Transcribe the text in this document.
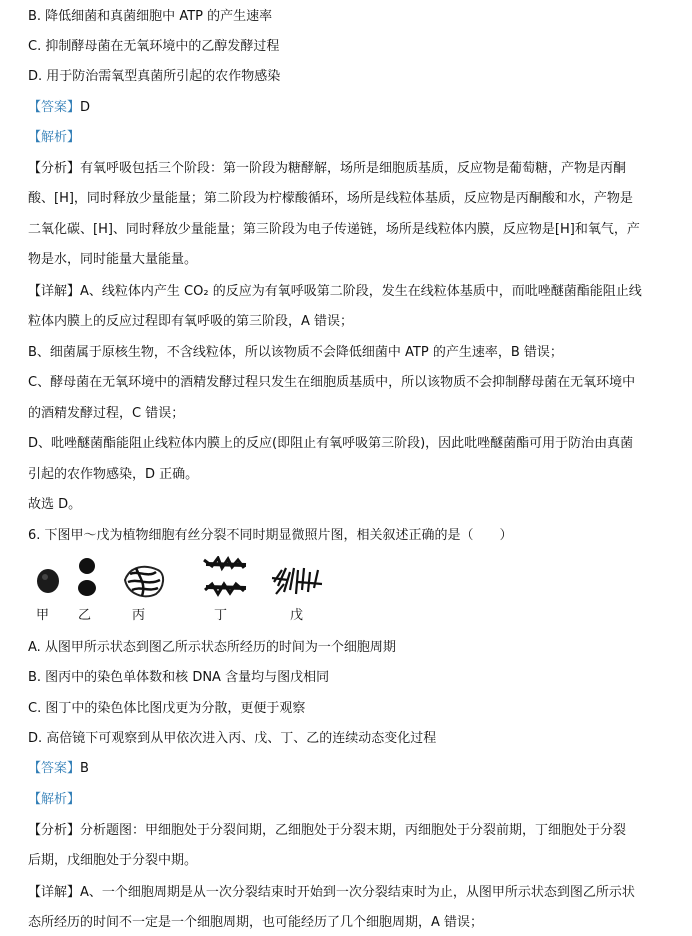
B. 降低细菌和真菌细胞中 ATP 的产生速率
C. 抑制酵母菌在无氧环境中的乙醇发酵过程
D. 用于防治需氧型真菌所引起的农作物感染
【答案】D
【解析】
【分析】有氧呼吸包括三个阶段：第一阶段为糖酵解，场所是细胞质基质，反应物是葡萄糖，产物是丙酮
酸、[H]，同时释放少量能量；第二阶段为柠檬酸循环，场所是线粒体基质，反应物是丙酮酸和水，产物是
二氧化碳、[H]、同时释放少量能量；第三阶段为电子传递链，场所是线粒体内膜，反应物是[H]和氧气，产
物是水，同时能量大量能量。
【详解】A、线粒体内产生 CO₂ 的反应为有氧呼吸第二阶段，发生在线粒体基质中，而吡唑醚菌酯能阻止线
粒体内膜上的反应过程即有氧呼吸的第三阶段，A 错误；
B、细菌属于原核生物，不含线粒体，所以该物质不会降低细菌中 ATP 的产生速率，B 错误；
C、酵母菌在无氧环境中的酒精发酵过程只发生在细胞质基质中，所以该物质不会抑制酵母菌在无氧环境中
的酒精发酵过程，C 错误；
D、吡唑醚菌酯能阻止线粒体内膜上的反应(即阻止有氧呼吸第三阶段)，因此吡唑醚菌酯可用于防治由真菌
引起的农作物感染，D 正确。
故选 D。
6. 下图甲～戊为植物细胞有丝分裂不同时期显微照片图，相关叙述正确的是（　　）
甲 乙	丙	丁	戊
A. 从图甲所示状态到图乙所示状态所经历的时间为一个细胞周期
B. 图丙中的染色单体数和核 DNA 含量均与图戊相同
C. 图丁中的染色体比图戊更为分散，更便于观察
D. 高倍镜下可观察到从甲依次进入丙、戊、丁、乙的连续动态变化过程
【答案】B
【解析】
【分析】分析题图：甲细胞处于分裂间期，乙细胞处于分裂末期，丙细胞处于分裂前期，丁细胞处于分裂
后期，戊细胞处于分裂中期。
【详解】A、一个细胞周期是从一次分裂结束时开始到一次分裂结束时为止，从图甲所示状态到图乙所示状
态所经历的时间不一定是一个细胞周期，也可能经历了几个细胞周期，A 错误；
